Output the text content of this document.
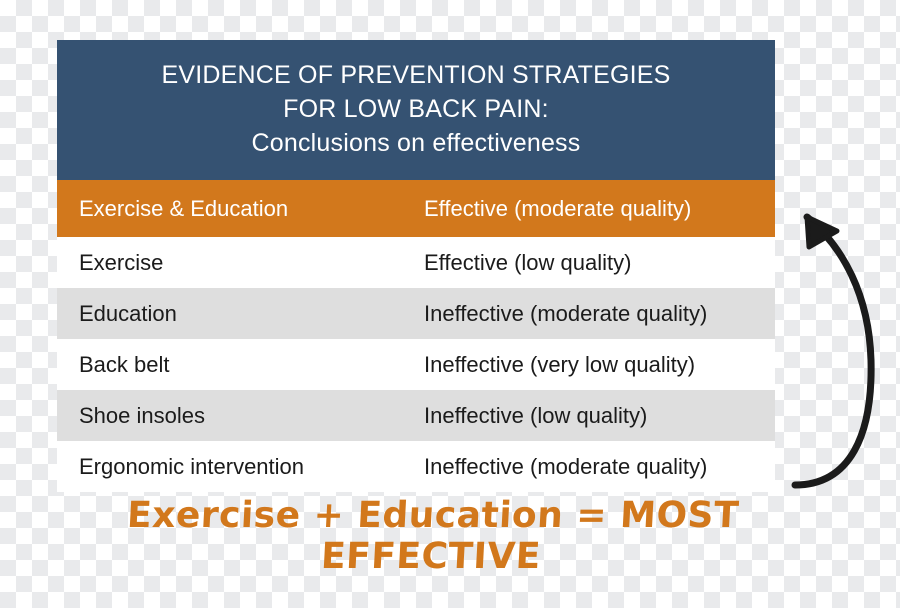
EVIDENCE OF PREVENTION STRATEGIES
FOR LOW BACK PAIN:
Conclusions on effectiveness
Exercise & Education	Effective (moderate quality)
Exercise	Effective (low quality)
Education	Ineffective (moderate quality)
Back belt	Ineffective (very low quality)
Shoe insoles	Ineffective (low quality)
Ergonomic intervention	Ineffective (moderate quality)
Exercise + Education = MOST EFFECTIVE
